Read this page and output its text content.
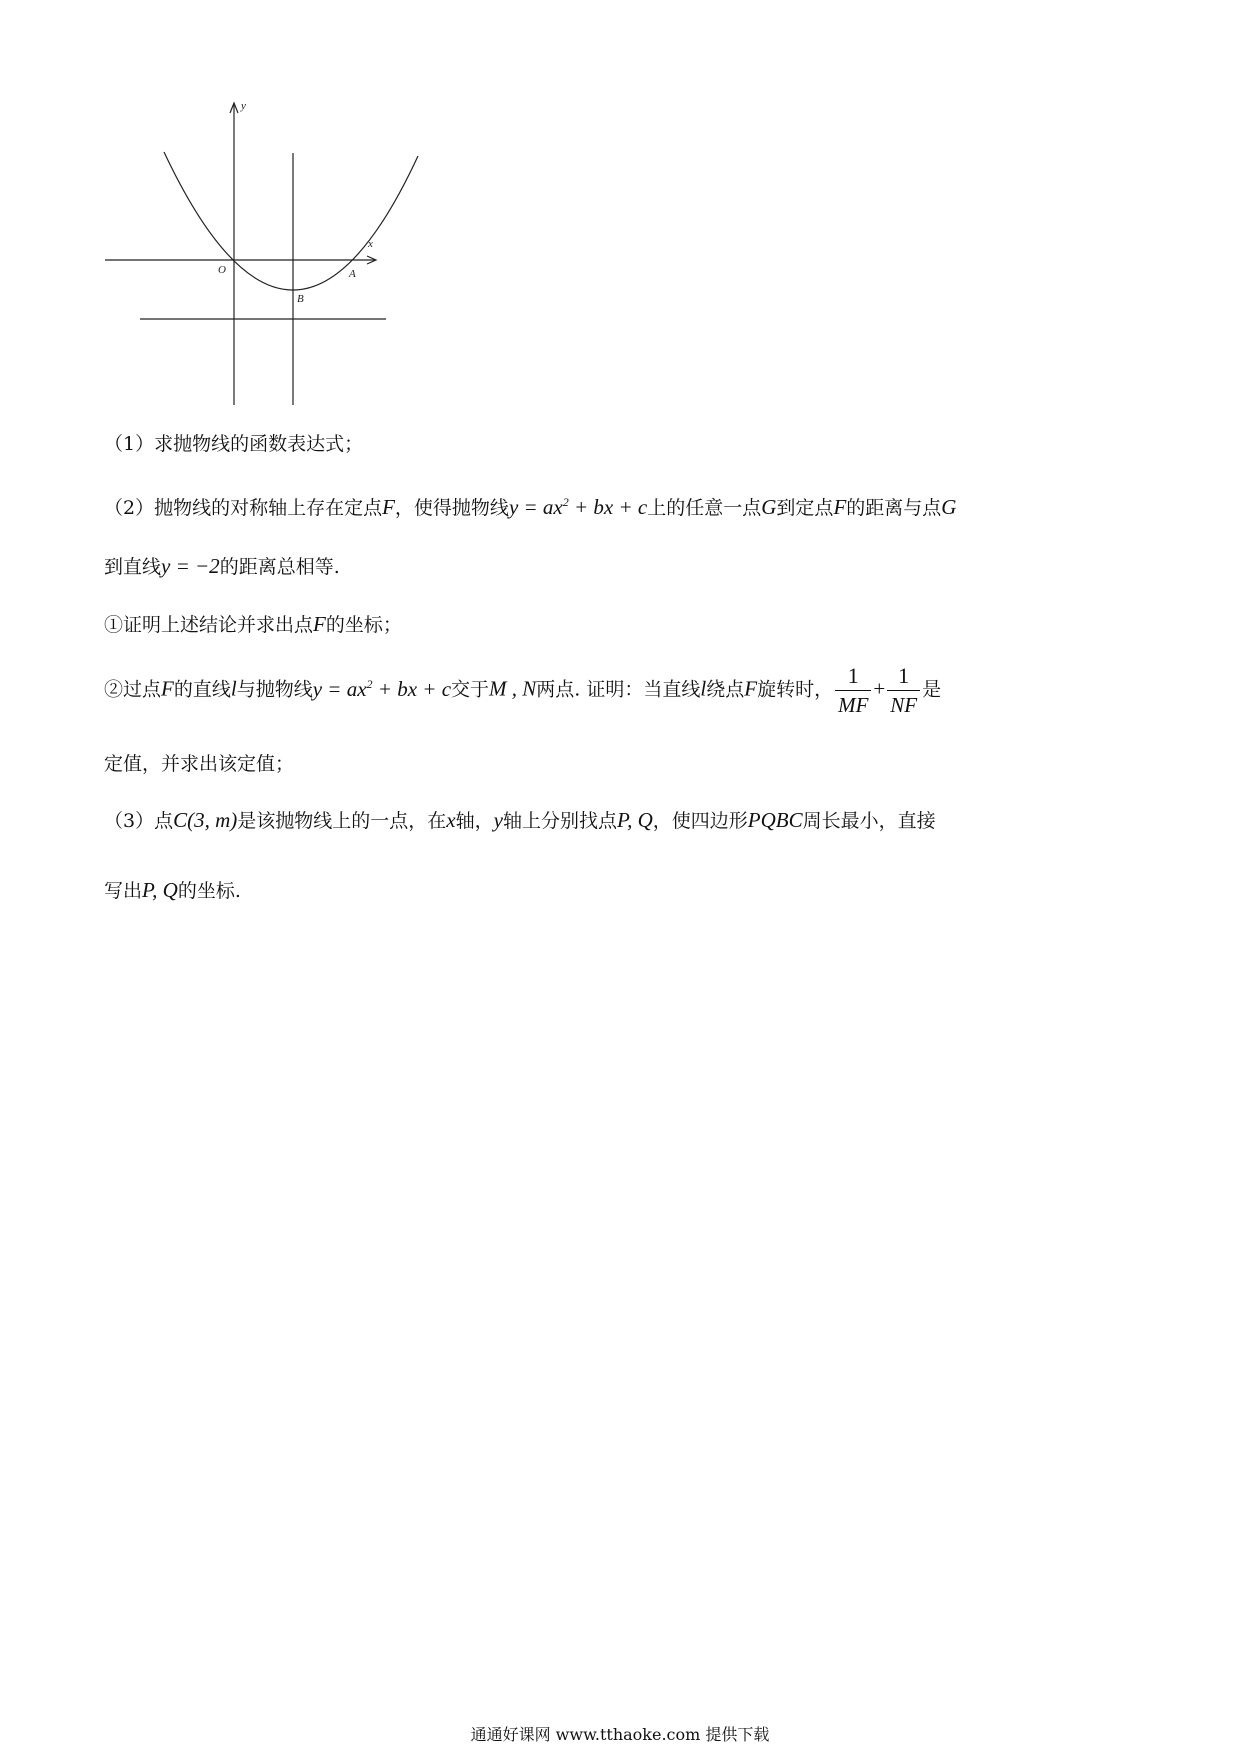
y
x
O	A
B
（1）求抛物线的函数表达式；
（2）抛物线的对称轴上存在定点F，使得抛物线$y = ax^2$ + bx + c上的任意一点G到定点F的距离与点G
到直线y = −2的距离总相等.
①证明上述结论并求出点F的坐标；
②过点F的直线l与抛物线$y = ax^2$ + bx + c交于M , N两点. 证明：当直线l绕点F旋转时， $\frac{1}{MF} + \frac{1}{NF}$ 是
定值，并求出该定值；
（3）点C(3, m)是该抛物线上的一点，在x轴，y轴上分别找点P, Q，使四边形PQBC周长最小，直接
写出P, Q的坐标.
通通好课网 www.tthaoke.com 提供下载
